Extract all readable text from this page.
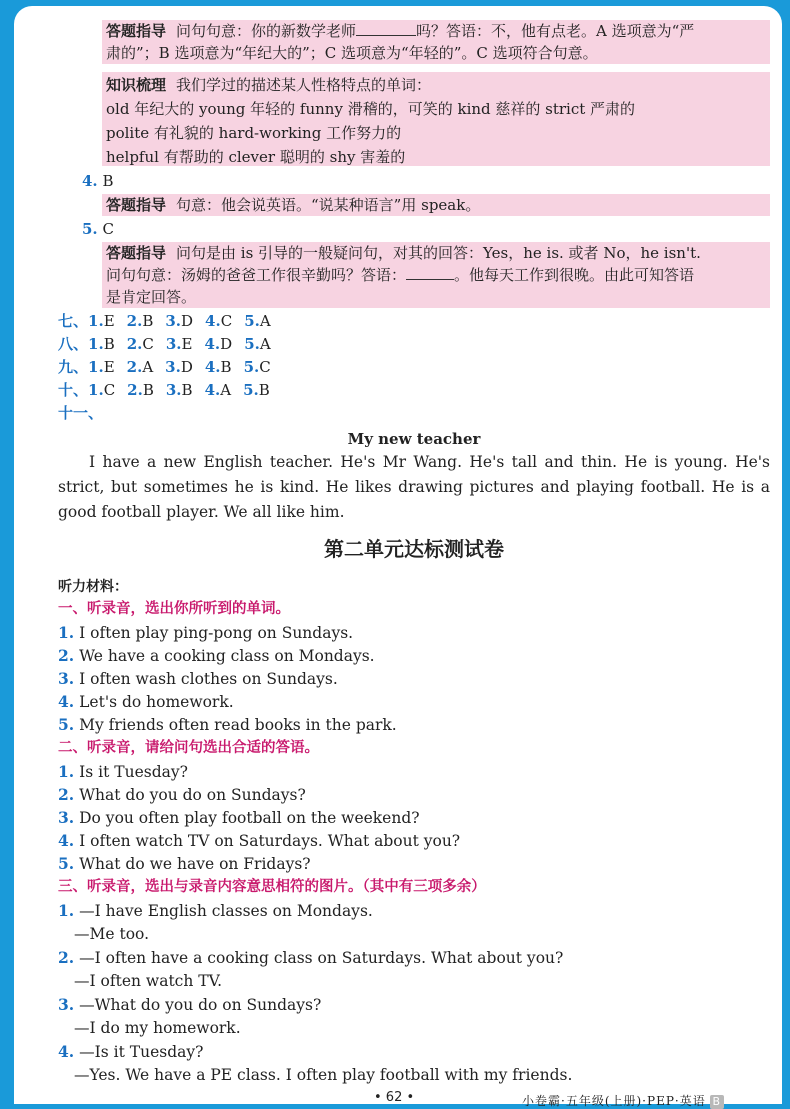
答题指导 问句句意：你的新数学老师	吗？答语：不，他有点老。A 选项意为“严
肃的”；B 选项意为“年纪大的”；C 选项意为“年轻的”。C 选项符合句意。
知识梳理 我们学过的描述某人性格特点的单词：
old 年纪大的 young 年轻的 funny 滑稽的，可笑的 kind 慈祥的 strict 严肃的
polite 有礼貌的 hard-working 工作努力的
helpful 有帮助的 clever 聪明的 shy 害羞的
4. B
答题指导 句意：他会说英语。“说某种语言”用 speak。
5. C
答题指导 问句是由 is 引导的一般疑问句，对其的回答：Yes，he is. 或者 No，he isn't.
问句句意：汤姆的爸爸工作很辛勤吗？答语：	。他每天工作到很晚。由此可知答语
是肯定回答。
七、1.E 2.B 3.D 4.C 5.A
八、1.B 2.C 3.E 4.D 5.A
九、1.E 2.A 3.D 4.B 5.C
十、1.C 2.B 3.B 4.A 5.B
十一、
My new teacher
I have a new English teacher. He's Mr Wang. He's tall and thin. He is young. He's strict, but sometimes he is kind. He likes drawing pictures and playing football. He is a good football player. We all like him.
第二单元达标测试卷
听力材料：
一、听录音，选出你所听到的单词。
1. I often play ping-pong on Sundays.
2. We have a cooking class on Mondays.
3. I often wash clothes on Sundays.
4. Let's do homework.
5. My friends often read books in the park.
二、听录音，请给问句选出合适的答语。
1. Is it Tuesday?
2. What do you do on Sundays?
3. Do you often play football on the weekend?
4. I often watch TV on Saturdays. What about you?
5. What do we have on Fridays?
三、听录音，选出与录音内容意思相符的图片。（其中有三项多余）
1. —I have English classes on Mondays.
—Me too.
2. —I often have a cooking class on Saturdays. What about you?
—I often watch TV.
3. —What do you do on Sundays?
—I do my homework.
4. —Is it Tuesday?
—Yes. We have a PE class. I often play football with my friends.
• 62 •	小卷霸·五年级(上册)·PEP·英语 B
